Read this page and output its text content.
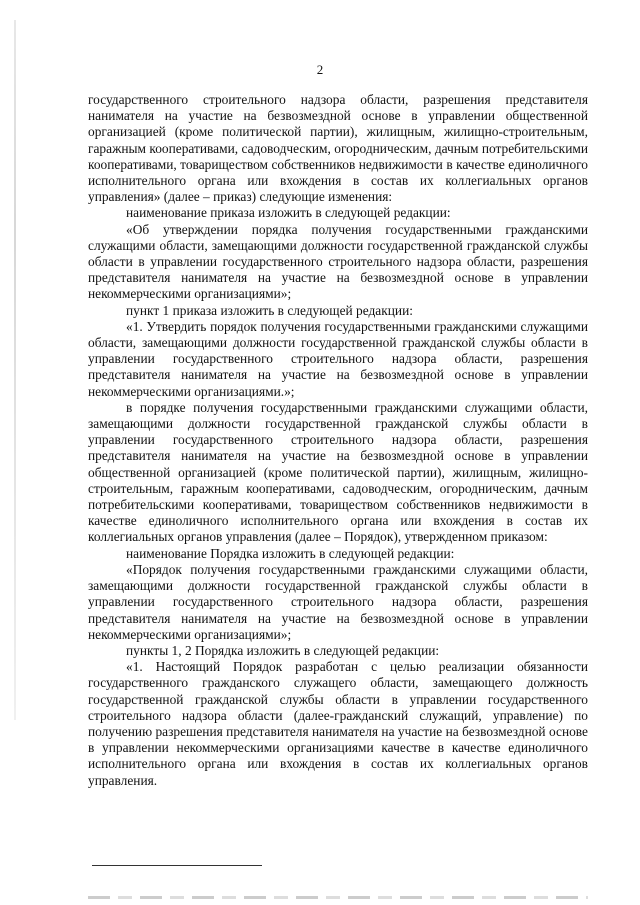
2

государственного строительного надзора области, разрешения представителя нанимателя на участие на безвозмездной основе в управлении общественной организацией (кроме политической партии), жилищным, жилищно-строительным, гаражным кооперативами, садоводческим, огородническим, дачным потребительскими кооперативами, товариществом собственников недвижимости в качестве единоличного исполнительного органа или вхождения в состав их коллегиальных органов управления» (далее – приказ) следующие изменения:

наименование приказа изложить в следующей редакции:

«Об утверждении порядка получения государственными гражданскими служащими области, замещающими должности государственной гражданской службы области в управлении государственного строительного надзора области, разрешения представителя нанимателя на участие на безвозмездной основе в управлении некоммерческими организациями»;

пункт 1 приказа изложить в следующей редакции:

«1. Утвердить порядок получения государственными гражданскими служащими области, замещающими должности государственной гражданской службы области в управлении государственного строительного надзора области, разрешения представителя нанимателя на участие на безвозмездной основе в управлении некоммерческими организациями.»;

в порядке получения государственными гражданскими служащими области, замещающими должности государственной гражданской службы области в управлении государственного строительного надзора области, разрешения представителя нанимателя на участие на безвозмездной основе в управлении общественной организацией (кроме политической партии), жилищным, жилищно-строительным, гаражным кооперативами, садоводческим, огородническим, дачным потребительскими кооперативами, товариществом собственников недвижимости в качестве единоличного исполнительного органа или вхождения в состав их коллегиальных органов управления (далее – Порядок), утвержденном приказом:

наименование Порядка изложить в следующей редакции:

«Порядок получения государственными гражданскими служащими области, замещающими должности государственной гражданской службы области в управлении государственного строительного надзора области, разрешения представителя нанимателя на участие на безвозмездной основе в управлении некоммерческими организациями»;

пункты 1, 2 Порядка изложить в следующей редакции:

«1. Настоящий Порядок разработан с целью реализации обязанности государственного гражданского служащего области, замещающего должность государственной гражданской службы области в управлении государственного строительного надзора области (далее-гражданский служащий, управление) по получению разрешения представителя нанимателя на участие на безвозмездной основе в управлении некоммерческими организациями качестве в качестве единоличного исполнительного органа или вхождения в состав их коллегиальных органов управления.
